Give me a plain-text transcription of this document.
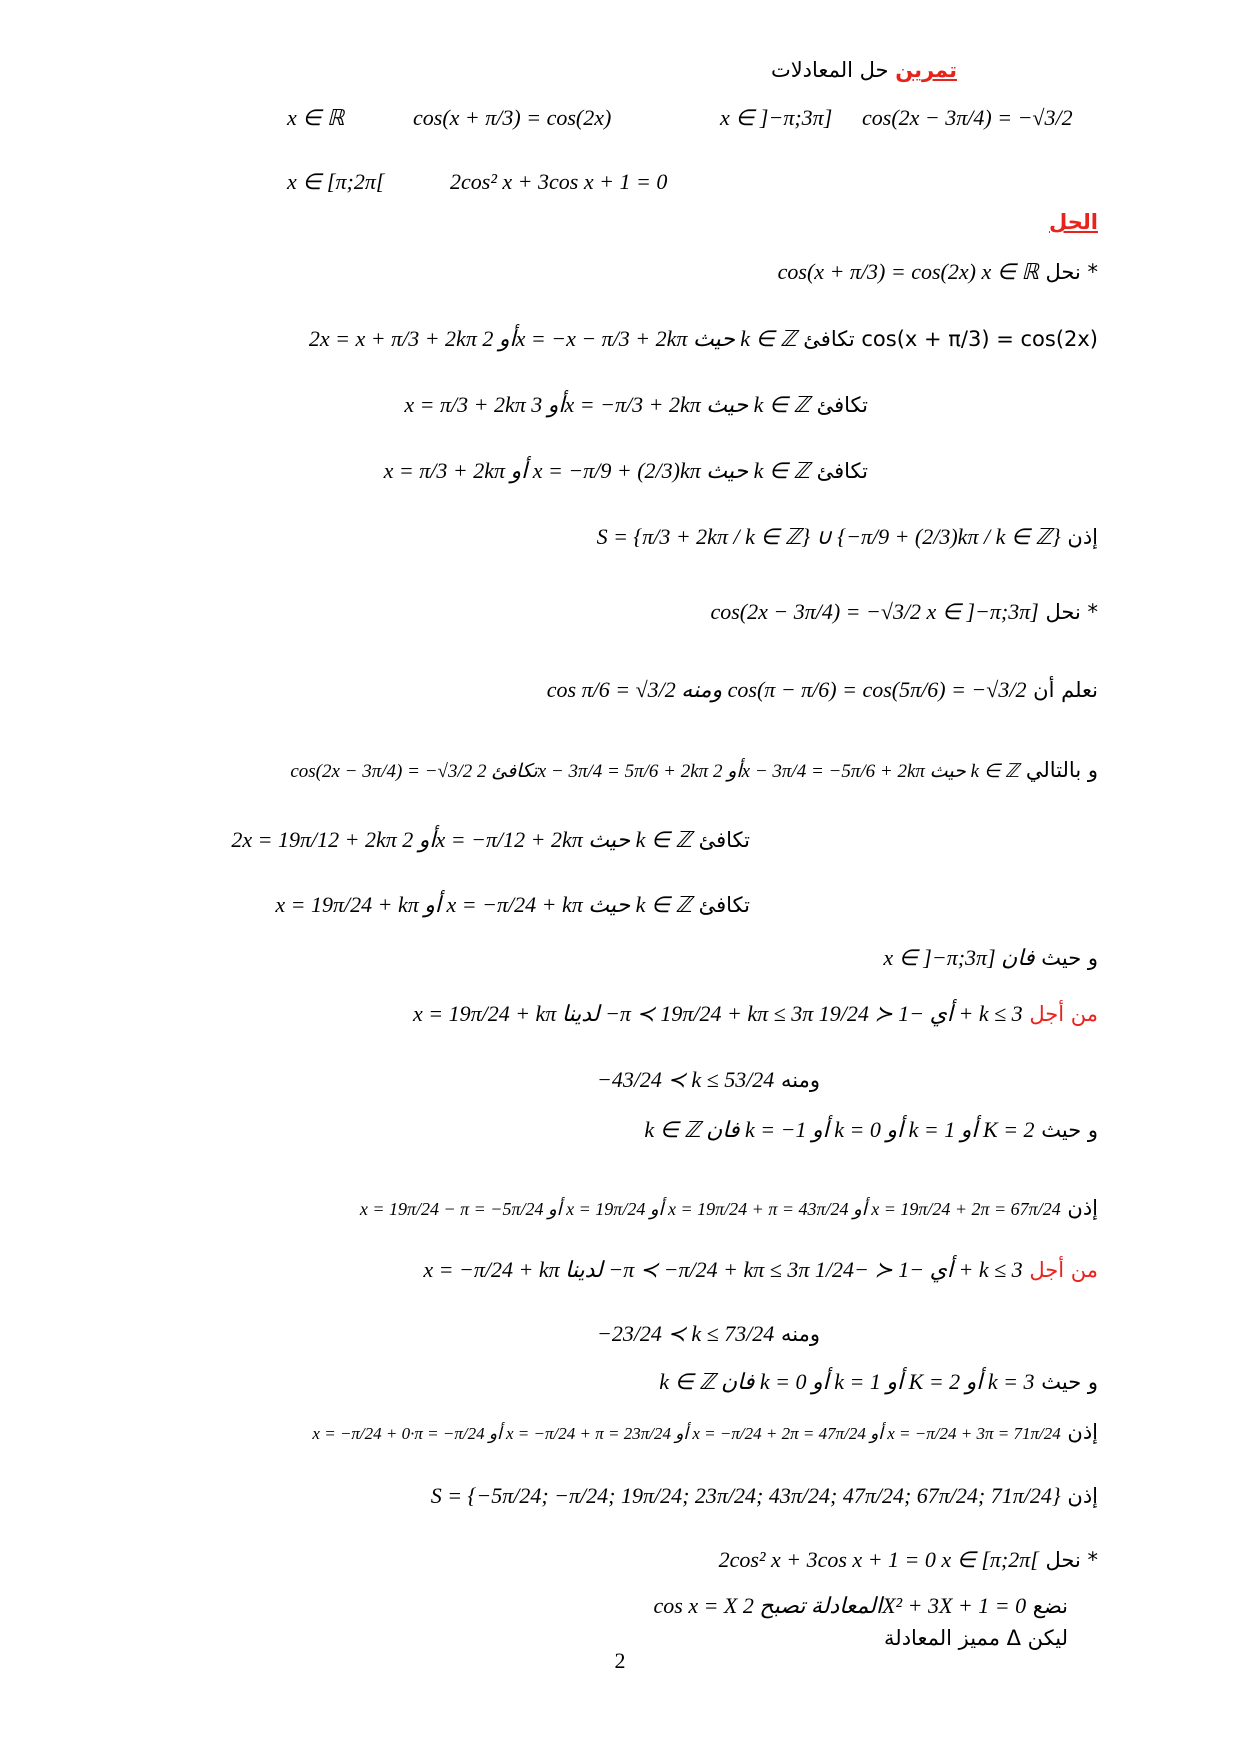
تمرين حل المعادلات
x ∈ ]−π;3π] cos(2x − 3π/4) = −√3/2
x ∈ ℝ	cos(x + π/3) = cos(2x)
x ∈ [π;2π[	2cos² x + 3cos x + 1 = 0
الحل
* نحل cos(x + π/3) = cos(2x) x ∈ ℝ
cos(x + π/3) = cos(2x) تكافئ 2x = x + π/3 + 2kπ أو 2x = −x − π/3 + 2kπ حيث k ∈ ℤ
تكافئ x = π/3 + 2kπ أو 3x = −π/3 + 2kπ حيث k ∈ ℤ
تكافئ x = π/3 + 2kπ أو x = −π/9 + (2/3)kπ حيث k ∈ ℤ
إذن S = {π/3 + 2kπ / k ∈ ℤ} ∪ {−π/9 + (2/3)kπ / k ∈ ℤ}
* نحل cos(2x − 3π/4) = −√3/2 x ∈ ]−π;3π]
نعلم أن cos π/6 = √3/2 ومنه cos(π − π/6) = cos(5π/6) = −√3/2
و بالتالي cos(2x − 3π/4) = −√3/2 تكافئ 2x − 3π/4 = 5π/6 + 2kπ أو 2x − 3π/4 = −5π/6 + 2kπ حيث k ∈ ℤ
تكافئ 2x = 19π/12 + 2kπ أو 2x = −π/12 + 2kπ حيث k ∈ ℤ
تكافئ x = 19π/24 + kπ أو x = −π/24 + kπ حيث k ∈ ℤ
و حيث x ∈ ]−π;3π] فان
من أجل x = 19π/24 + kπ لدينا −π ≺ 19π/24 + kπ ≤ 3π أي −1 ≺ 19/24 + k ≤ 3
ومنه −43/24 ≺ k ≤ 53/24
و حيث k ∈ ℤ فان k = −1 أو k = 0 أو k = 1 أو K = 2
إذن x = 19π/24 − π = −5π/24 أو x = 19π/24 أو x = 19π/24 + π = 43π/24 أو x = 19π/24 + 2π = 67π/24
من أجل x = −π/24 + kπ لدينا −π ≺ −π/24 + kπ ≤ 3π أي −1 ≺ −1/24 + k ≤ 3
ومنه −23/24 ≺ k ≤ 73/24
و حيث k ∈ ℤ فان k = 0 أو k = 1 أو K = 2 أو k = 3
إذن x = −π/24 + 0·π = −π/24 أو x = −π/24 + π = 23π/24 أو x = −π/24 + 2π = 47π/24 أو x = −π/24 + 3π = 71π/24
إذن S = {−5π/24; −π/24; 19π/24; 23π/24; 43π/24; 47π/24; 67π/24; 71π/24}
* نحل 2cos² x + 3cos x + 1 = 0 x ∈ [π;2π[
نضع cos x = X المعادلة تصبح 2X² + 3X + 1 = 0
ليكن Δ مميز المعادلة
2
